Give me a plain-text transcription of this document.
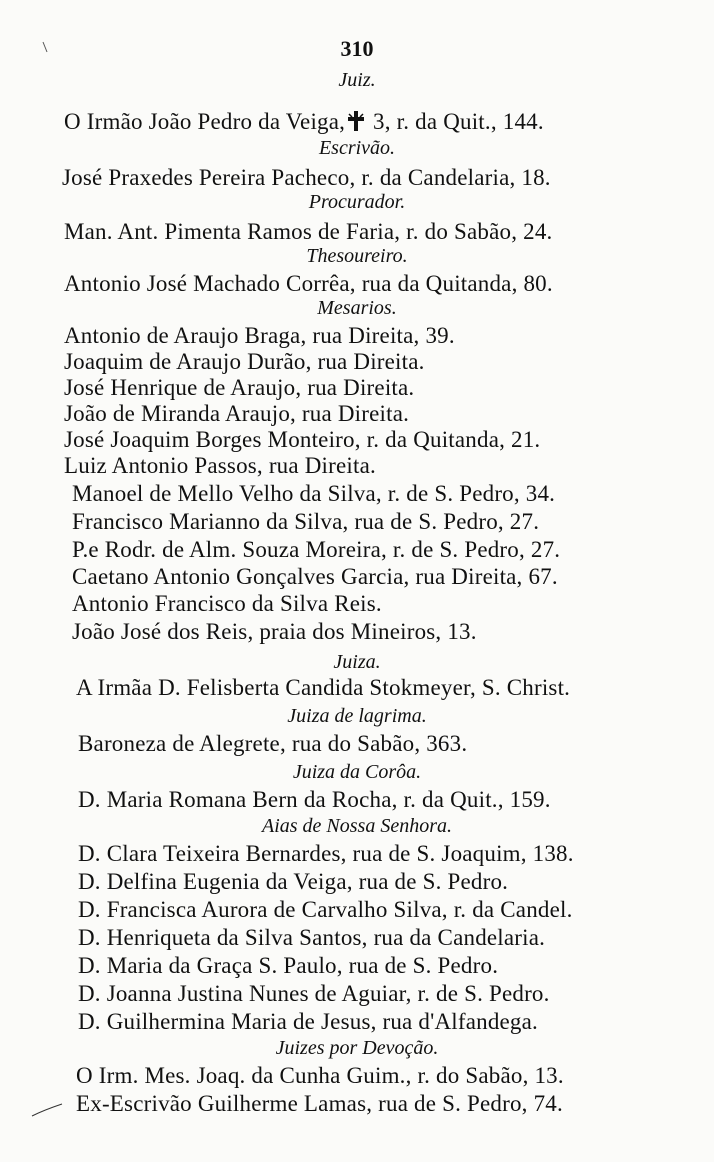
310
Juiz.
O Irmão João Pedro da Veiga, 3, r. da Quit., 144.
Escrivão.
José Praxedes Pereira Pacheco, r. da Candelaria, 18.
Procurador.
Man. Ant. Pimenta Ramos de Faria, r. do Sabão, 24.
Thesoureiro.
Antonio José Machado Corrêa, rua da Quitanda, 80.
Mesarios.
Antonio de Araujo Braga, rua Direita, 39.
Joaquim de Araujo Durão, rua Direita.
José Henrique de Araujo, rua Direita.
João de Miranda Araujo, rua Direita.
José Joaquim Borges Monteiro, r. da Quitanda, 21.
Luiz Antonio Passos, rua Direita.
Manoel de Mello Velho da Silva, r. de S. Pedro, 34.
Francisco Marianno da Silva, rua de S. Pedro, 27.
P.e Rodr. de Alm. Souza Moreira, r. de S. Pedro, 27.
Caetano Antonio Gonçalves Garcia, rua Direita, 67.
Antonio Francisco da Silva Reis.
João José dos Reis, praia dos Mineiros, 13.
Juiza.
A Irmãa D. Felisberta Candida Stokmeyer, S. Christ.
Juiza de lagrima.
Baroneza de Alegrete, rua do Sabão, 363.
Juiza da Corôa.
D. Maria Romana Bern da Rocha, r. da Quit., 159.
Aias de Nossa Senhora.
D. Clara Teixeira Bernardes, rua de S. Joaquim, 138.
D. Delfina Eugenia da Veiga, rua de S. Pedro.
D. Francisca Aurora de Carvalho Silva, r. da Candel.
D. Henriqueta da Silva Santos, rua da Candelaria.
D. Maria da Graça S. Paulo, rua de S. Pedro.
D. Joanna Justina Nunes de Aguiar, r. de S. Pedro.
D. Guilhermina Maria de Jesus, rua d'Alfandega.
Juizes por Devoção.
O Irm. Mes. Joaq. da Cunha Guim., r. do Sabão, 13.
Ex-Escrivão Guilherme Lamas, rua de S. Pedro, 74.
